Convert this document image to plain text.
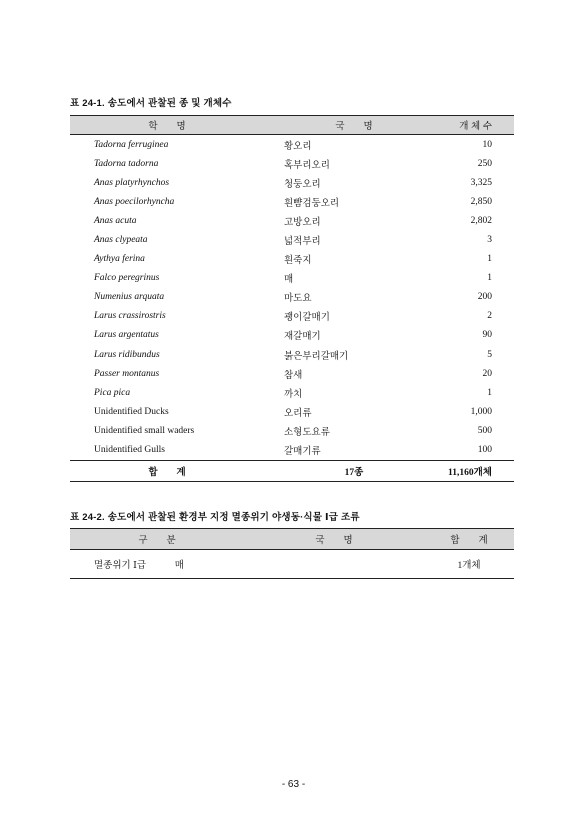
표 24-1. 송도에서 관찰된 종 및 개체수
학　　명	국　　명	개 체 수
Tadorna ferruginea	황오리	10
Tadorna tadorna	혹부리오리	250
Anas platyrhynchos	청둥오리	3,325
Anas poecilorhyncha	흰뺨검둥오리	2,850
Anas acuta	고방오리	2,802
Anas clypeata	넓적부리	3
Aythya ferina	흰죽지	1
Falco peregrinus	매	1
Numenius arquata	마도요	200
Larus crassirostris	괭이갈매기	2
Larus argentatus	재갈매기	90
Larus ridibundus	붉은부리갈매기	5
Passer montanus	참새	20
Pica pica	까치	1
Unidentified Ducks	오리류	1,000
Unidentified small waders	소형도요류	500
Unidentified Gulls	갈매기류	100
합　　계	17종	11,160개체
표 24-2. 송도에서 관찰된 환경부 지정 멸종위기 야생동·식물 Ⅰ급 조류
구　　분	국　　명	합　　계
멸종위기 Ⅰ급 매		1개체
- 63 -
